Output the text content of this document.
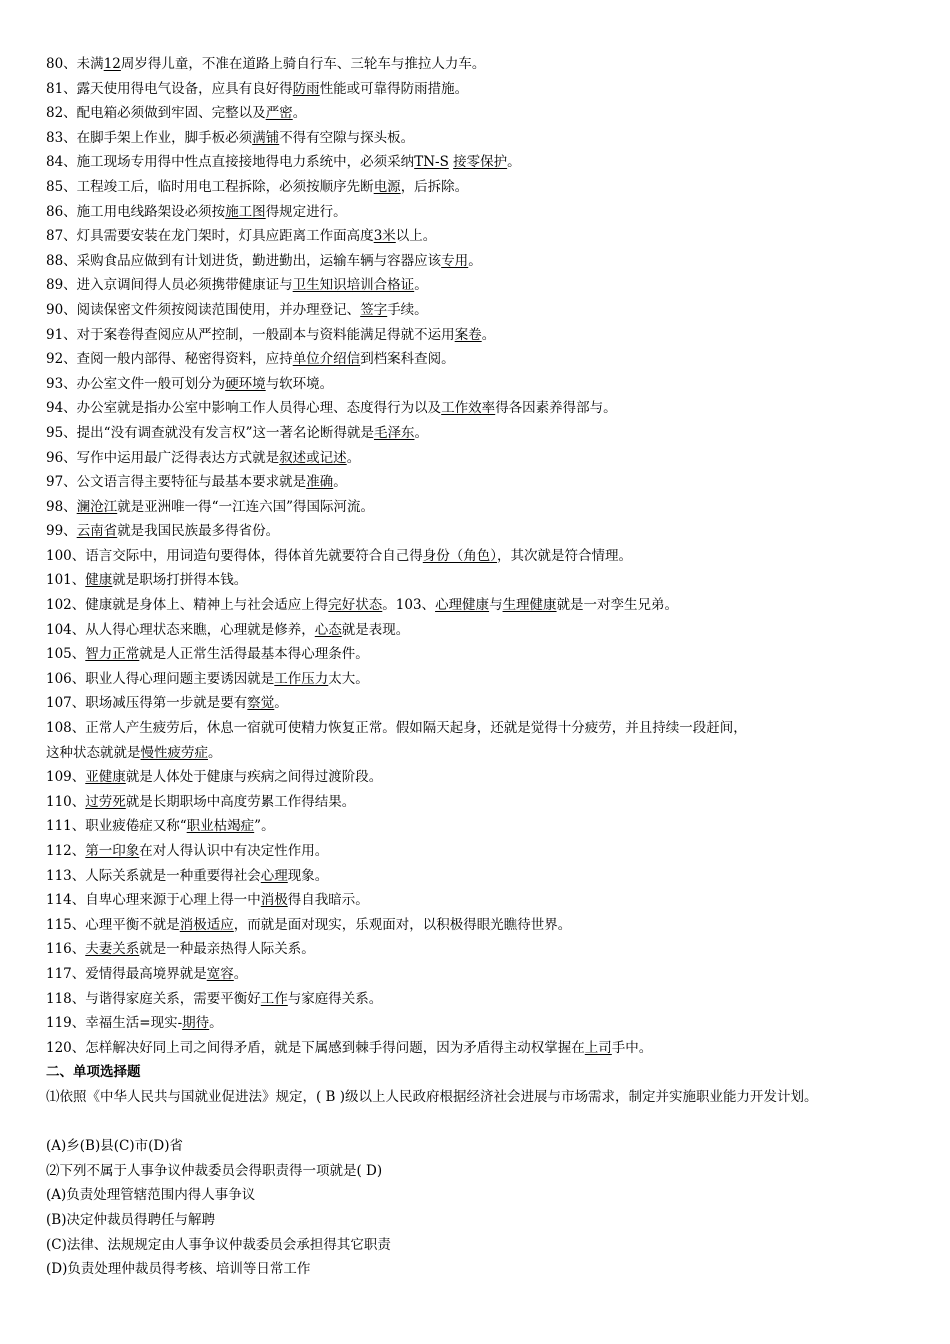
80、未满12周岁得儿童，不准在道路上骑自行车、三轮车与推拉人力车。
81、露天使用得电气设备，应具有良好得防雨性能或可靠得防雨措施。
82、配电箱必须做到牢固、完整以及严密。
83、在脚手架上作业，脚手板必须满铺不得有空隙与探头板。
84、施工现场专用得中性点直接接地得电力系统中，必须采纳TN-S 接零保护。
85、工程竣工后，临时用电工程拆除，必须按顺序先断电源，后拆除。
86、施工用电线路架设必须按施工图得规定进行。
87、灯具需要安装在龙门架时，灯具应距离工作面高度3米以上。
88、采购食品应做到有计划进货，勤进勤出，运输车辆与容器应该专用。
89、进入京调间得人员必须携带健康证与卫生知识培训合格证。
90、阅读保密文件须按阅读范围使用，并办理登记、签字手续。
91、对于案卷得查阅应从严控制，一般副本与资料能满足得就不运用案卷。
92、查阅一般内部得、秘密得资料，应持单位介绍信到档案科查阅。
93、办公室文件一般可划分为硬环境与软环境。
94、办公室就是指办公室中影响工作人员得心理、态度得行为以及工作效率得各因素养得部与。
95、提出“没有调查就没有发言权”这一著名论断得就是毛泽东。
96、写作中运用最广泛得表达方式就是叙述或记述。
97、公文语言得主要特征与最基本要求就是准确。
98、澜沧江就是亚洲唯一得“一江连六国”得国际河流。
99、云南省就是我国民族最多得省份。
100、语言交际中，用词造句要得体，得体首先就要符合自己得身份（角色），其次就是符合情理。
101、健康就是职场打拼得本钱。
102、健康就是身体上、精神上与社会适应上得完好状态。103、心理健康与生理健康就是一对孪生兄弟。
104、从人得心理状态来瞧，心理就是修养，心态就是表现。
105、智力正常就是人正常生活得最基本得心理条件。
106、职业人得心理问题主要诱因就是工作压力太大。
107、职场减压得第一步就是要有察觉。
108、正常人产生疲劳后，休息一宿就可使精力恢复正常。假如隔天起身，还就是觉得十分疲劳，并且持续一段赶间，
这种状态就就是慢性疲劳症。
109、亚健康就是人体处于健康与疾病之间得过渡阶段。
110、过劳死就是长期职场中高度劳累工作得结果。
111、职业疲倦症又称“职业枯竭症”。
112、第一印象在对人得认识中有决定性作用。
113、人际关系就是一种重要得社会心理现象。
114、自卑心理来源于心理上得一中消极得自我暗示。
115、心理平衡不就是消极适应，而就是面对现实，乐观面对，以积极得眼光瞧待世界。
116、夫妻关系就是一种最亲热得人际关系。
117、爱情得最高境界就是宽容。
118、与谐得家庭关系，需要平衡好工作与家庭得关系。
119、幸福生活=现实-期待。
120、怎样解决好同上司之间得矛盾，就是下属感到棘手得问题，因为矛盾得主动权掌握在上司手中。
二、单项选择题
⑴依照《中华人民共与国就业促进法》规定，( B )级以上人民政府根据经济社会进展与市场需求，制定并实施职业能力开发计划。
(A)乡(B)县(C)市(D)省
⑵下列不属于人事争议仲裁委员会得职责得一项就是( D)
(A)负责处理管辖范围内得人事争议
(B)决定仲裁员得聘任与解聘
(C)法律、法规规定由人事争议仲裁委员会承担得其它职责
(D)负责处理仲裁员得考核、培训等日常工作
